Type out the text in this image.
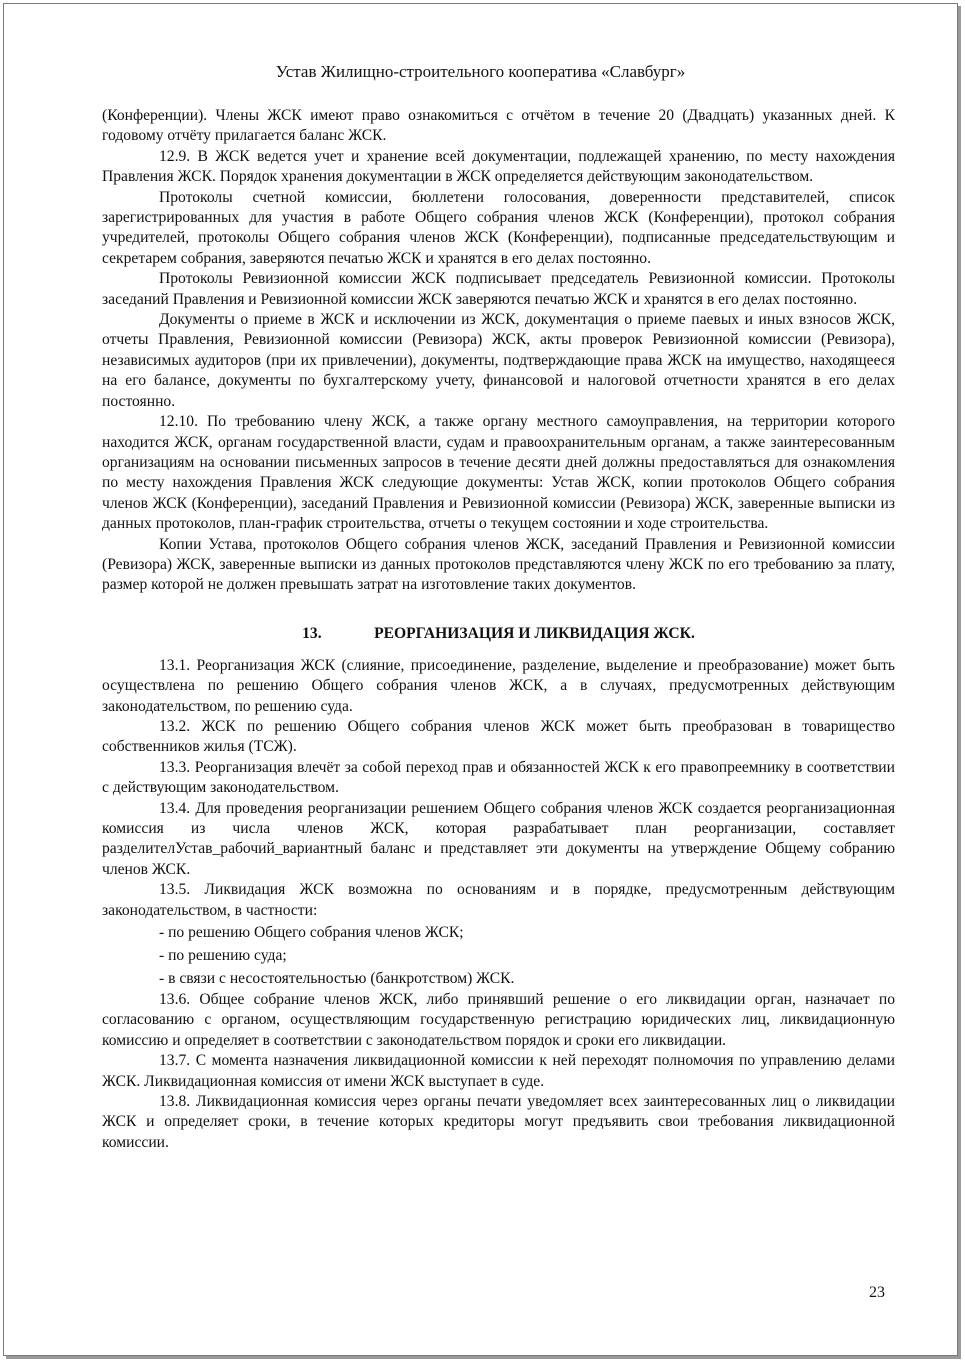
Устав Жилищно-строительного кооператива «Славбург»

(Конференции). Члены ЖСК имеют право ознакомиться с отчётом в течение 20 (Двадцать) указанных дней. К годовому отчёту прилагается баланс ЖСК.

12.9. В ЖСК ведется учет и хранение всей документации, подлежащей хранению, по месту нахождения Правления ЖСК. Порядок хранения документации в ЖСК определяется действующим законодательством.

Протоколы счетной комиссии, бюллетени голосования, доверенности представителей, список зарегистрированных для участия в работе Общего собрания членов ЖСК (Конференции), протокол собрания учредителей, протоколы Общего собрания членов ЖСК (Конференции), подписанные председательствующим и секретарем собрания, заверяются печатью ЖСК и хранятся в его делах постоянно.

Протоколы Ревизионной комиссии ЖСК подписывает председатель Ревизионной комиссии. Протоколы заседаний Правления и Ревизионной комиссии ЖСК заверяются печатью ЖСК и хранятся в его делах постоянно.

Документы о приеме в ЖСК и исключении из ЖСК, документация о приеме паевых и иных взносов ЖСК, отчеты Правления, Ревизионной комиссии (Ревизора) ЖСК, акты проверок Ревизионной комиссии (Ревизора), независимых аудиторов (при их привлечении), документы, подтверждающие права ЖСК на имущество, находящееся на его балансе, документы по бухгалтерскому учету, финансовой и налоговой отчетности хранятся в его делах постоянно.

12.10. По требованию члену ЖСК, а также органу местного самоуправления, на территории которого находится ЖСК, органам государственной власти, судам и правоохранительным органам, а также заинтересованным организациям на основании письменных запросов в течение десяти дней должны предоставляться для ознакомления по месту нахождения Правления ЖСК следующие документы: Устав ЖСК, копии протоколов Общего собрания членов ЖСК (Конференции), заседаний Правления и Ревизионной комиссии (Ревизора) ЖСК, заверенные выписки из данных протоколов, план-график строительства, отчеты о текущем состоянии и ходе строительства.

Копии Устава, протоколов Общего собрания членов ЖСК, заседаний Правления и Ревизионной комиссии (Ревизора) ЖСК, заверенные выписки из данных протоколов представляются члену ЖСК по его требованию за плату, размер которой не должен превышать затрат на изготовление таких документов.

13.	РЕОРГАНИЗАЦИЯ И ЛИКВИДАЦИЯ ЖСК.

13.1. Реорганизация ЖСК (слияние, присоединение, разделение, выделение и преобразование) может быть осуществлена по решению Общего собрания членов ЖСК, а в случаях, предусмотренных действующим законодательством, по решению суда.

13.2. ЖСК по решению Общего собрания членов ЖСК может быть преобразован в товарищество собственников жилья (ТСЖ).

13.3. Реорганизация влечёт за собой переход прав и обязанностей ЖСК к его правопреемнику в соответствии с действующим законодательством.

13.4. Для проведения реорганизации решением Общего собрания членов ЖСК создается реорганизационная комиссия из числа членов ЖСК, которая разрабатывает план реорганизации, составляет разделителУстав_рабочий_вариантный баланс и представляет эти документы на утверждение Общему собранию членов ЖСК.

13.5. Ликвидация ЖСК возможна по основаниям и в порядке, предусмотренным действующим законодательством, в частности:

- по решению Общего собрания членов ЖСК;

- по решению суда;

- в связи с несостоятельностью (банкротством) ЖСК.

13.6. Общее собрание членов ЖСК, либо принявший решение о его ликвидации орган, назначает по согласованию с органом, осуществляющим государственную регистрацию юридических лиц, ликвидационную комиссию и определяет в соответствии с законодательством порядок и сроки его ликвидации.

13.7. С момента назначения ликвидационной комиссии к ней переходят полномочия по управлению делами ЖСК. Ликвидационная комиссия от имени ЖСК выступает в суде.

13.8. Ликвидационная комиссия через органы печати уведомляет всех заинтересованных лиц о ликвидации ЖСК и определяет сроки, в течение которых кредиторы могут предъявить свои требования ликвидационной комиссии.

23
